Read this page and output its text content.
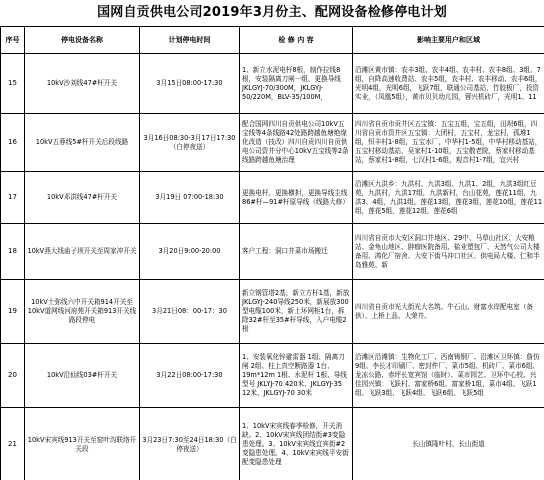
国网自贡供电公司2019年3月份主、配网设备检修停电计划
序号	停电设备名称	计划停电时间	检 修 内 容	影响主要用户和区域
15	10kV沙刘线47#杆开关	3月15日08:00-17:30	1、新立水泥电杆8根，制作拉线8根，安装隔离刀闸一组，更换导线JKLGYJ-70/300M，JKLGYJ-50/220M，BLV-35/100M，	沿滩区黄市镇：农丰3组、农丰4组、农丰村、农丰8组、3组、7组，自降高速收费站、农丰5组，农丰村、农丰移动、农丰6组，光明4组，光明6组，飞跃7组，联通公司基站，竹胶板厂，投资实业，（凤凰5组），黄市贝贝幼儿园，蓉兴机砖厂，光明1、11
16	10kV五蓉线5#杆开关后段线路	3月16日08:30-3月17日17:30（白停夜送）	配合国网四川自贡供电公司10kV五宝线等4条线路42处路跨越鱼塘绝缘化改造（技改）四川自贡四川自贡供电公司资井分中心10kV五宝线等2条线路跨越鱼塘治理	四川省自贡市贡井区五宝镇：五宝五组，宝五组，田坝6组，四川省自贡市资井区五宝镇：大团村，五宝村，龙宝村，孤堆1组，恒丰村1-8组，五宝水厂，中华村1-5组，中华村移动基站，五宝村移动基站，吴家村1-10组，五宝敬老院，蔡家村移动基站，蔡家村1-8组，七汉村1-6组，观音村1-7组，宜兴村
17	10kV邓洪线47#杆开关	3月19日 07:00-18:30	更换电杆、更换横担，更换导线主线86#杆—91#杆原导线（线路大修）	沿滩区九洪乡：九洪村、九洪3组、九洪1、2组，九洪3组红豆苑，九洪村，九洪17组，九洪新村，台山花苑，莲花11组，九洪3、4组，九洪1组，莲花13组，莲花3组，莲花10组，莲花11组，莲花5组，莲花12组，莲花6组
18	10kV燕大线庙子坝开关至周家冲开关	3月20日9:00-20:00	客户工程：洞口井菜市场搬迁	四川省自贡市大安区洞口井地区、29中、马草山社区、大安粮站、金龟山地区、肿瘤医院备用、盐业塑包厂、天然气公司大楼备用、鸿化厂宿舍、大安下街马冲口社区、供电局大楼、仁和半岛雅苑、新
19	10kV土弥线六中开关箱914开关至10kV道网线河府苑开关箱913开关线路段停电	3月21日08：00-17：30	新立钢管塔2基，新立方杆1基，新放JKLGYJ-240导线250米，新展放300型电缆100米，新上环网柜1台，拆除32#杆至35#杆导线，入户电缆2根	四川省自贡市光大街光大名筑、牛石山、财富水岸配电室（备供）、上桥上品、大荣井。
20	10kV沿仙线03#杆开关	3月22日08:00-17:30	1、安装氧化锌避雷器 1组、隔离刀闸 2组、柱上真空断路器 1台、19m*12m 1根、水泥杆 1根、导线型号 JKLYJ-70 420米、JKLGYJ-35 12米、JKLGYJ-70 30米	沿滩区沿滩镇：生物化工厂、西南铸钢厂、沿滩区卫环镇：詹仿9组、李长才印刷厂、密封件厂、菜市5组、机砖厂、菜市6组、龙冻公路、赤坪长宽宾馆（临时）、菜市园艺、卫环中心校、兴佳园兴镇：飞跃村、富家桥6组、富家桥1组、菜市4组、飞跃1组、飞跃3组、飞跃4组、飞跃6组、飞跃5组
21	10kV宋宾线913开关至窑叶沟联络开关段	3月23日7:30至24日18:30（白停夜送）	1、10kV宋宾线春季检修，开关消缺。2、10kV宋宾线团结街#3变隐患处理。3、10kV宋宾线宜宾街#2变隐患处理。4、10kV宋宾线平安街配变隐患处理	长山镇隆叶村、长山街道
